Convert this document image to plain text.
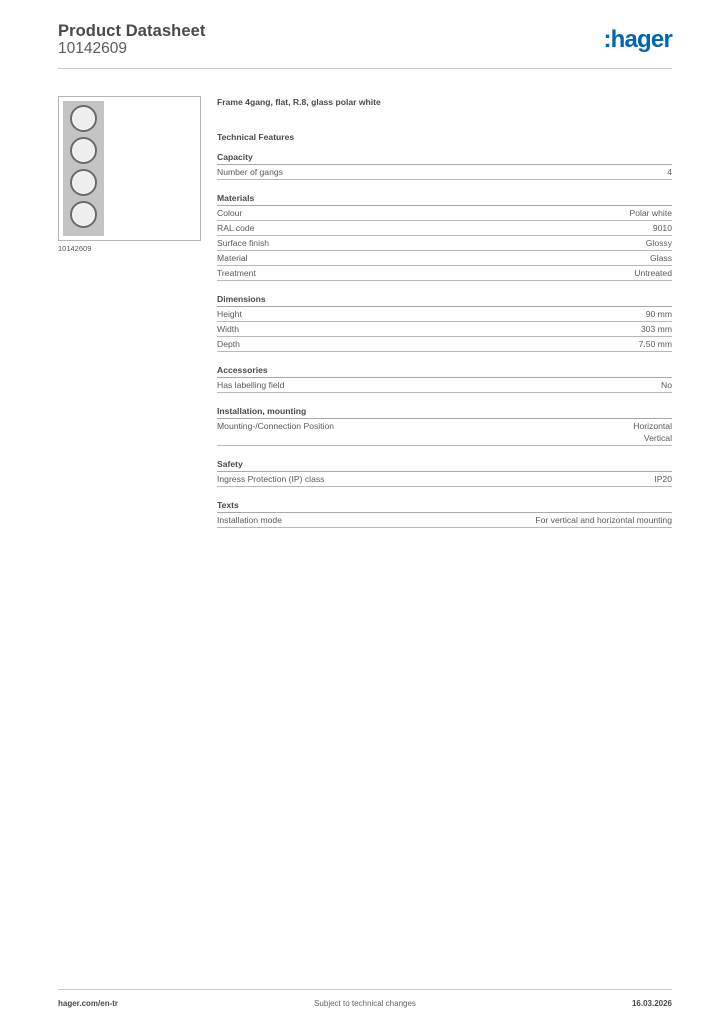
Product Datasheet
10142609	:hager
10142609
Frame 4gang, flat, R.8, glass polar white
Technical Features
Capacity
Number of gangs	4
Materials
Colour	Polar white
RAL code	9010
Surface finish	Glossy
Material	Glass
Treatment	Untreated
Dimensions
Height	90 mm
Width	303 mm
Depth	7.50 mm
Accessories
Has labelling field	No
Installation, mounting
Mounting-/Connection Position	Horizontal
Vertical
Safety
Ingress Protection (IP) class	IP20
Texts
Installation mode	For vertical and horizontal mounting
hager.com/en-tr	Subject to technical changes	16.03.2026
